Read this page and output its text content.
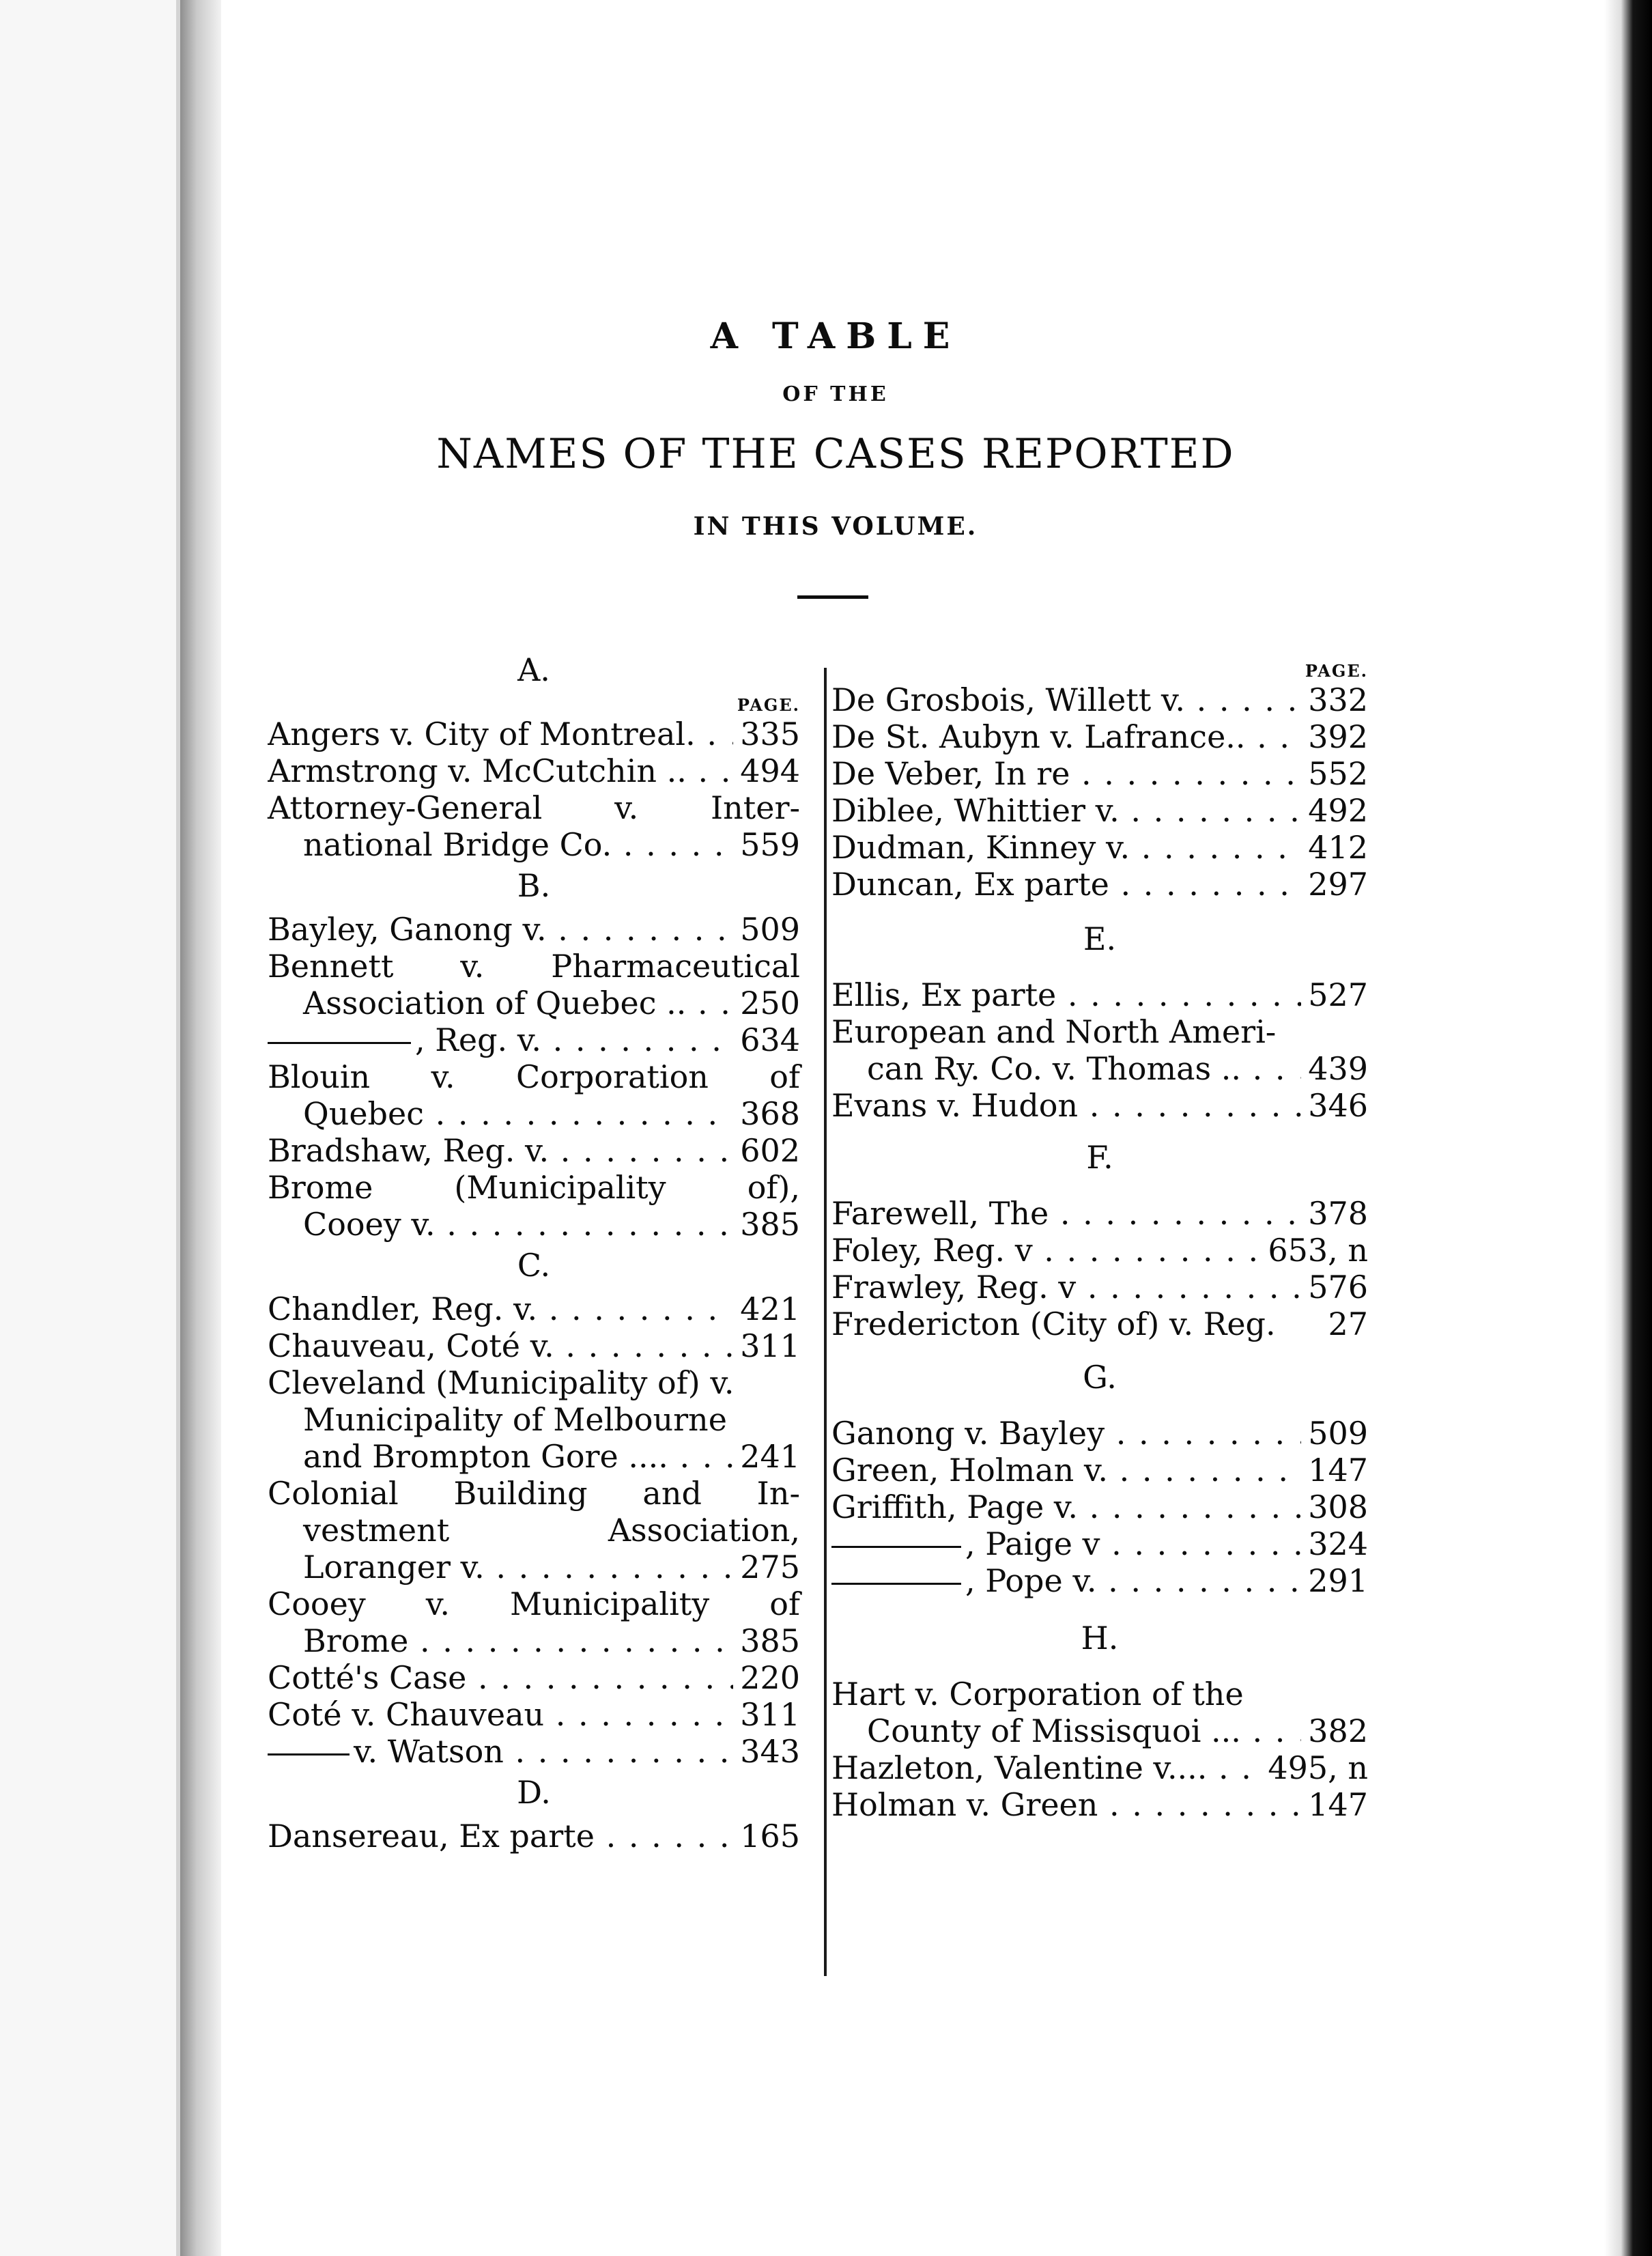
A TABLE
OF THE
NAMES OF THE CASES REPORTED
IN THIS VOLUME.
A.
PAGE.
Angers v. City of Montreal. . . .	335
Armstrong v. McCutchin .. . . .	494
Attorney-General v. Inter-
national Bridge Co. . . .	559
B.
Bayley, Ganong v. . . .	509
Bennett v. Pharmaceutical
Association of Quebec .. . . .	250
, Reg. v. . . .	634
Blouin v. Corporation of
Quebec . . .	368
Bradshaw, Reg. v. . . .	602
Brome (Municipality of),
Cooey v. . . .	385
C.
Chandler, Reg. v. . . .	421
Chauveau, Coté v. . . .	311
Cleveland (Municipality of) v.
Municipality of Melbourne
and Brompton Gore .... . . .	241
Colonial Building and In-
vestment Association,
Loranger v. . . .	275
Cooey v. Municipality of
Brome . . .	385
Cotté's Case . . .	220
Coté v. Chauveau . . .	311
v. Watson . . .	343
D.
Dansereau, Ex parte . . .	165
PAGE.
De Grosbois, Willett v. . . .	332
De St. Aubyn v. Lafrance.. . . .	392
De Veber, In re . . .	552
Diblee, Whittier v. . . .	492
Dudman, Kinney v. . . .	412
Duncan, Ex parte . . .	297
E.
Ellis, Ex parte . . .	527
European and North Ameri-
can Ry. Co. v. Thomas .. . . .	439
Evans v. Hudon . . .	346
F.
Farewell, The . . .	378
Foley, Reg. v . . .	653, n
Frawley, Reg. v . . .	576
Fredericton (City of) v. Reg. 27
G.
Ganong v. Bayley . . .	509
Green, Holman v. . . .	147
Griffith, Page v. . . .	308
, Paige v . . .	324
, Pope v. . . .	291
H.
Hart v. Corporation of the
County of Missisquoi ... . . .	382
Hazleton, Valentine v.... . . .	495, n
Holman v. Green . . .	147
